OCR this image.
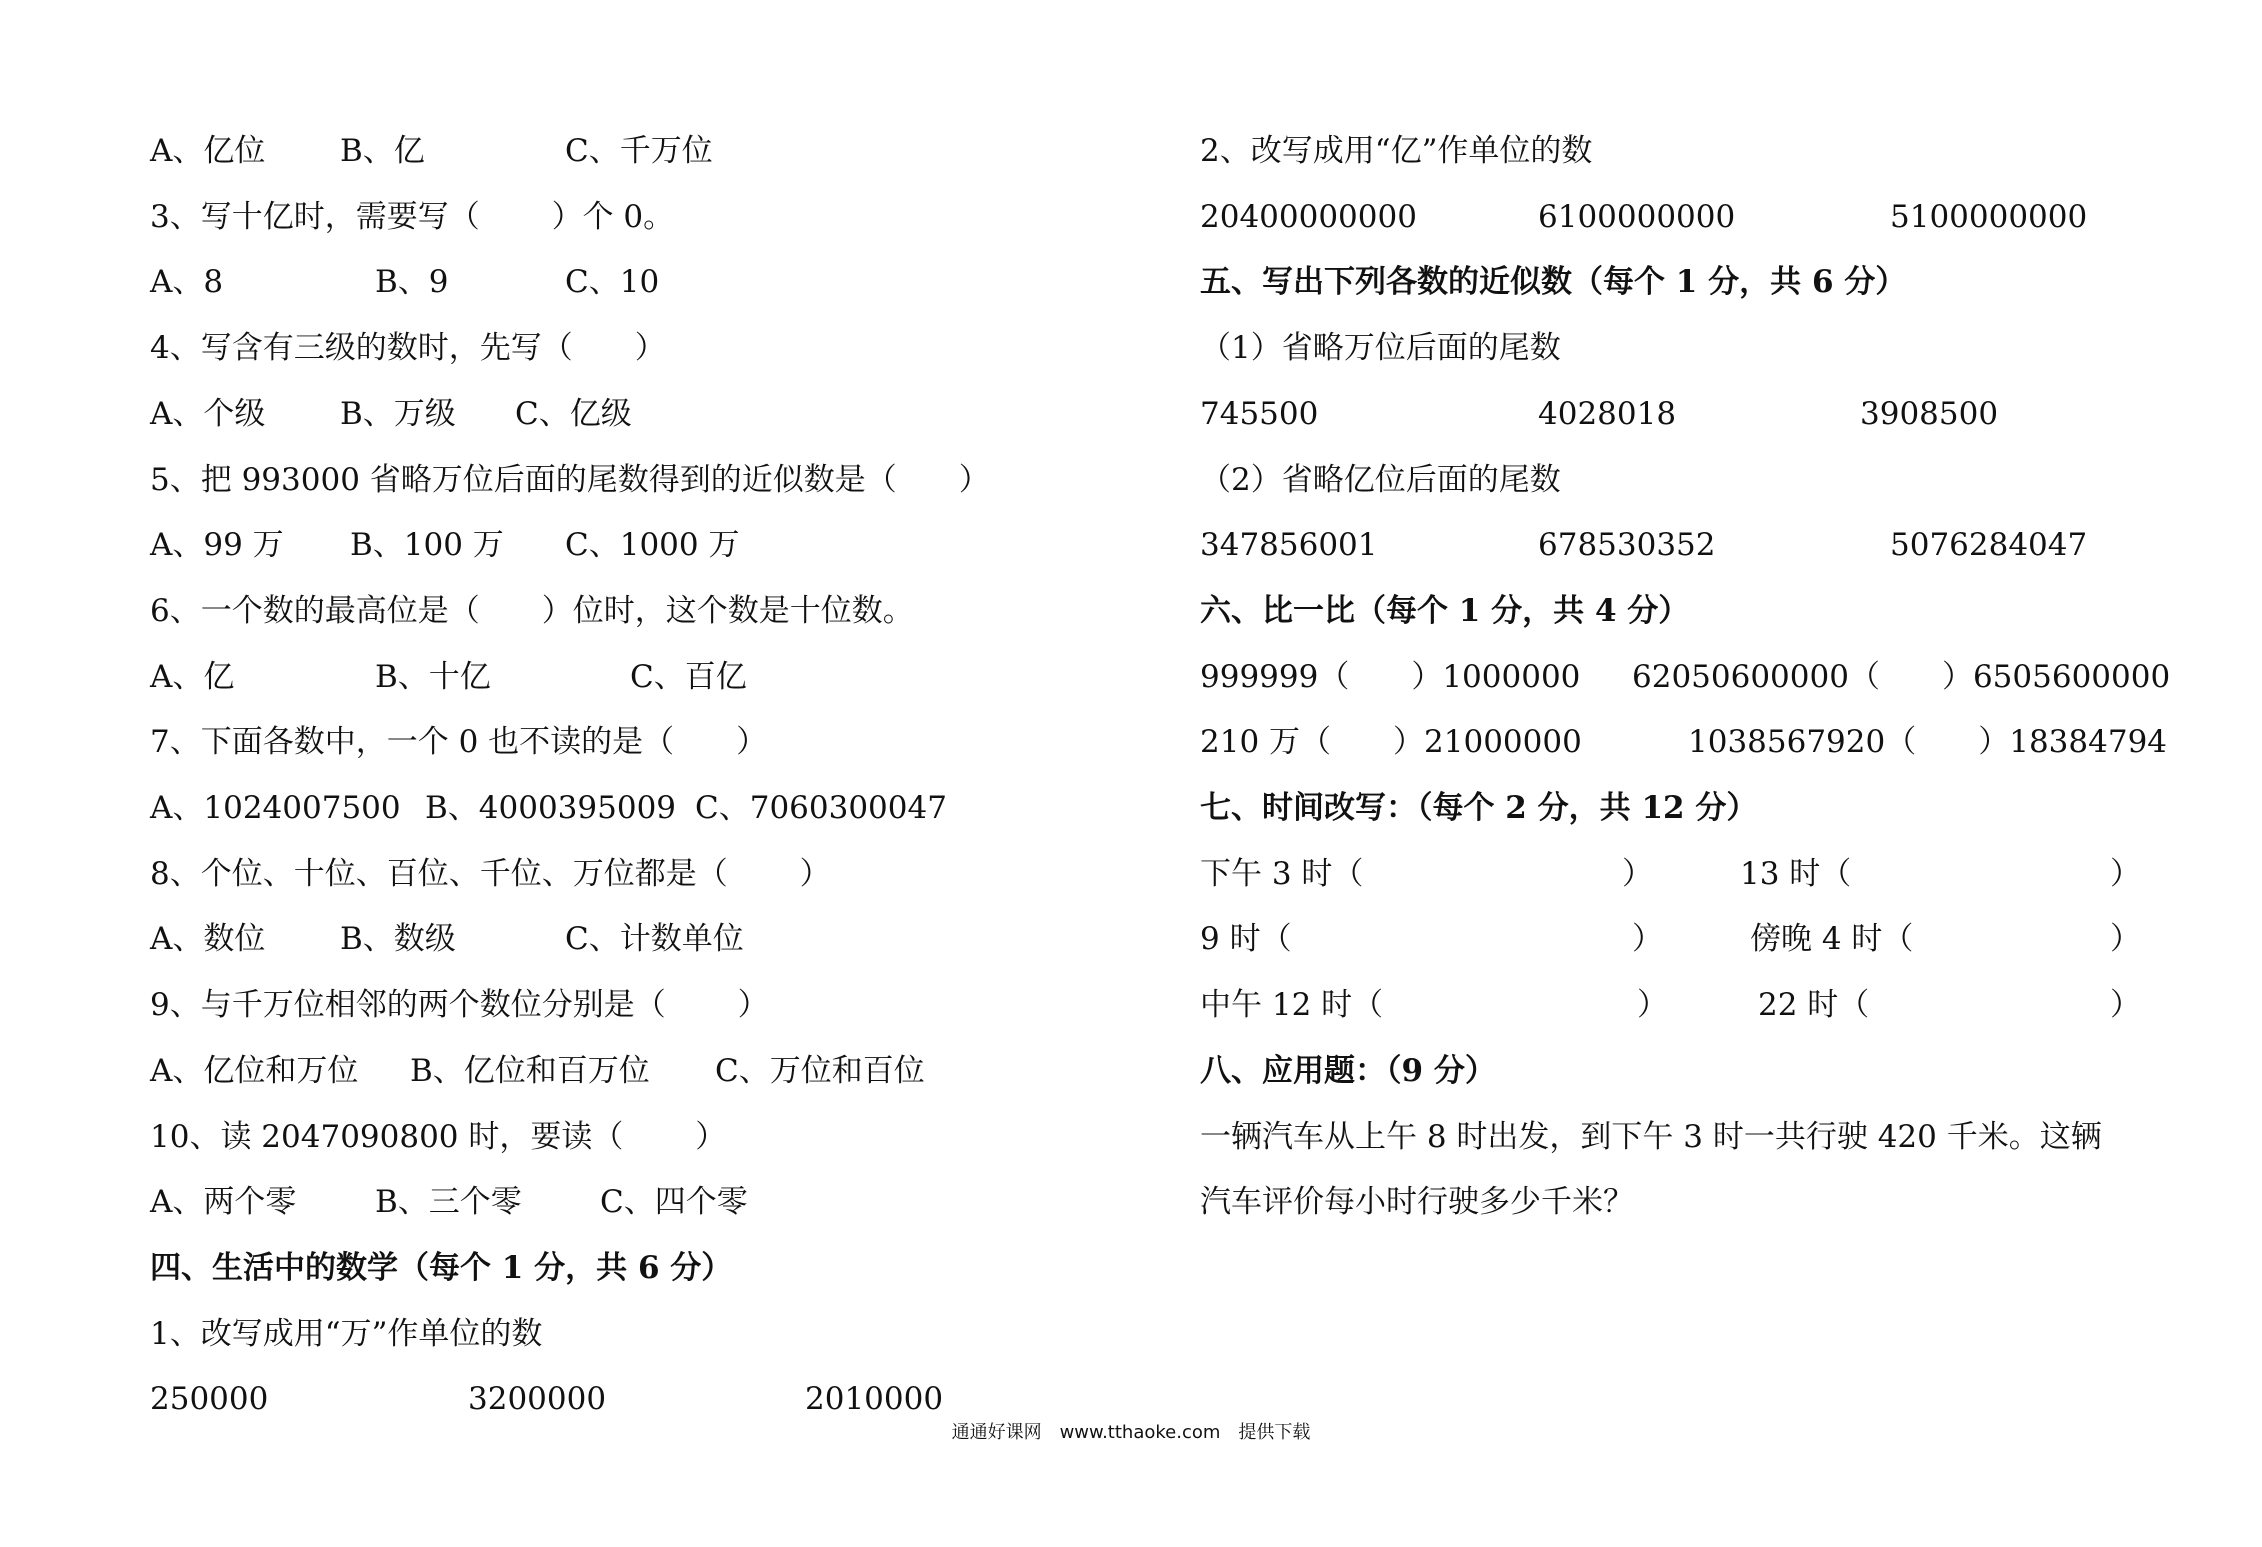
A、亿位 B、亿	C、千万位
3、写十亿时，需要写（　　 ）个 0。
A、8	B、9	C、10
4、写含有三级的数时，先写（　　）
A、个级 B、万级 C、亿级
5、把 993000 省略万位后面的尾数得到的近似数是（　　）
A、99 万 B、100 万 C、1000 万
6、一个数的最高位是（　　）位时，这个数是十位数。
A、亿	B、十亿	C、百亿
7、下面各数中，一个 0 也不读的是（　　）
A、1024007500 B、4000395009 C、7060300047
8、个位、十位、百位、千位、万位都是（　　 ）
A、数位 B、数级	C、计数单位
9、与千万位相邻的两个数位分别是（　　 ）
A、亿位和万位 B、亿位和百万位 C、万位和百位
10、读 2047090800 时，要读（　　 ）
A、两个零	B、三个零	C、四个零
四、生活中的数学（每个 1 分，共 6 分）
1、改写成用“万”作单位的数
250000	3200000	2010000
2、改写成用“亿”作单位的数
20400000000	6100000000	5100000000
五、写出下列各数的近似数（每个 1 分，共 6 分）
（1）省略万位后面的尾数
745500	4028018	3908500
（2）省略亿位后面的尾数
347856001	678530352	5076284047
六、比一比（每个 1 分，共 4 分）
999999（　　）1000000 62050600000（　　）6505600000
210 万（　　）21000000	1038567920（　　）18384794
七、时间改写：（每个 2 分，共 12 分）
下午 3 时（	）	13 时（	）
9 时（	）	傍晚 4 时（	）
中午 12 时（	）	22 时（	）
八、应用题：（9 分）
一辆汽车从上午 8 时出发，到下午 3 时一共行驶 420 千米。这辆
汽车评价每小时行驶多少千米？
通通好课网　www.tthaoke.com　提供下载
